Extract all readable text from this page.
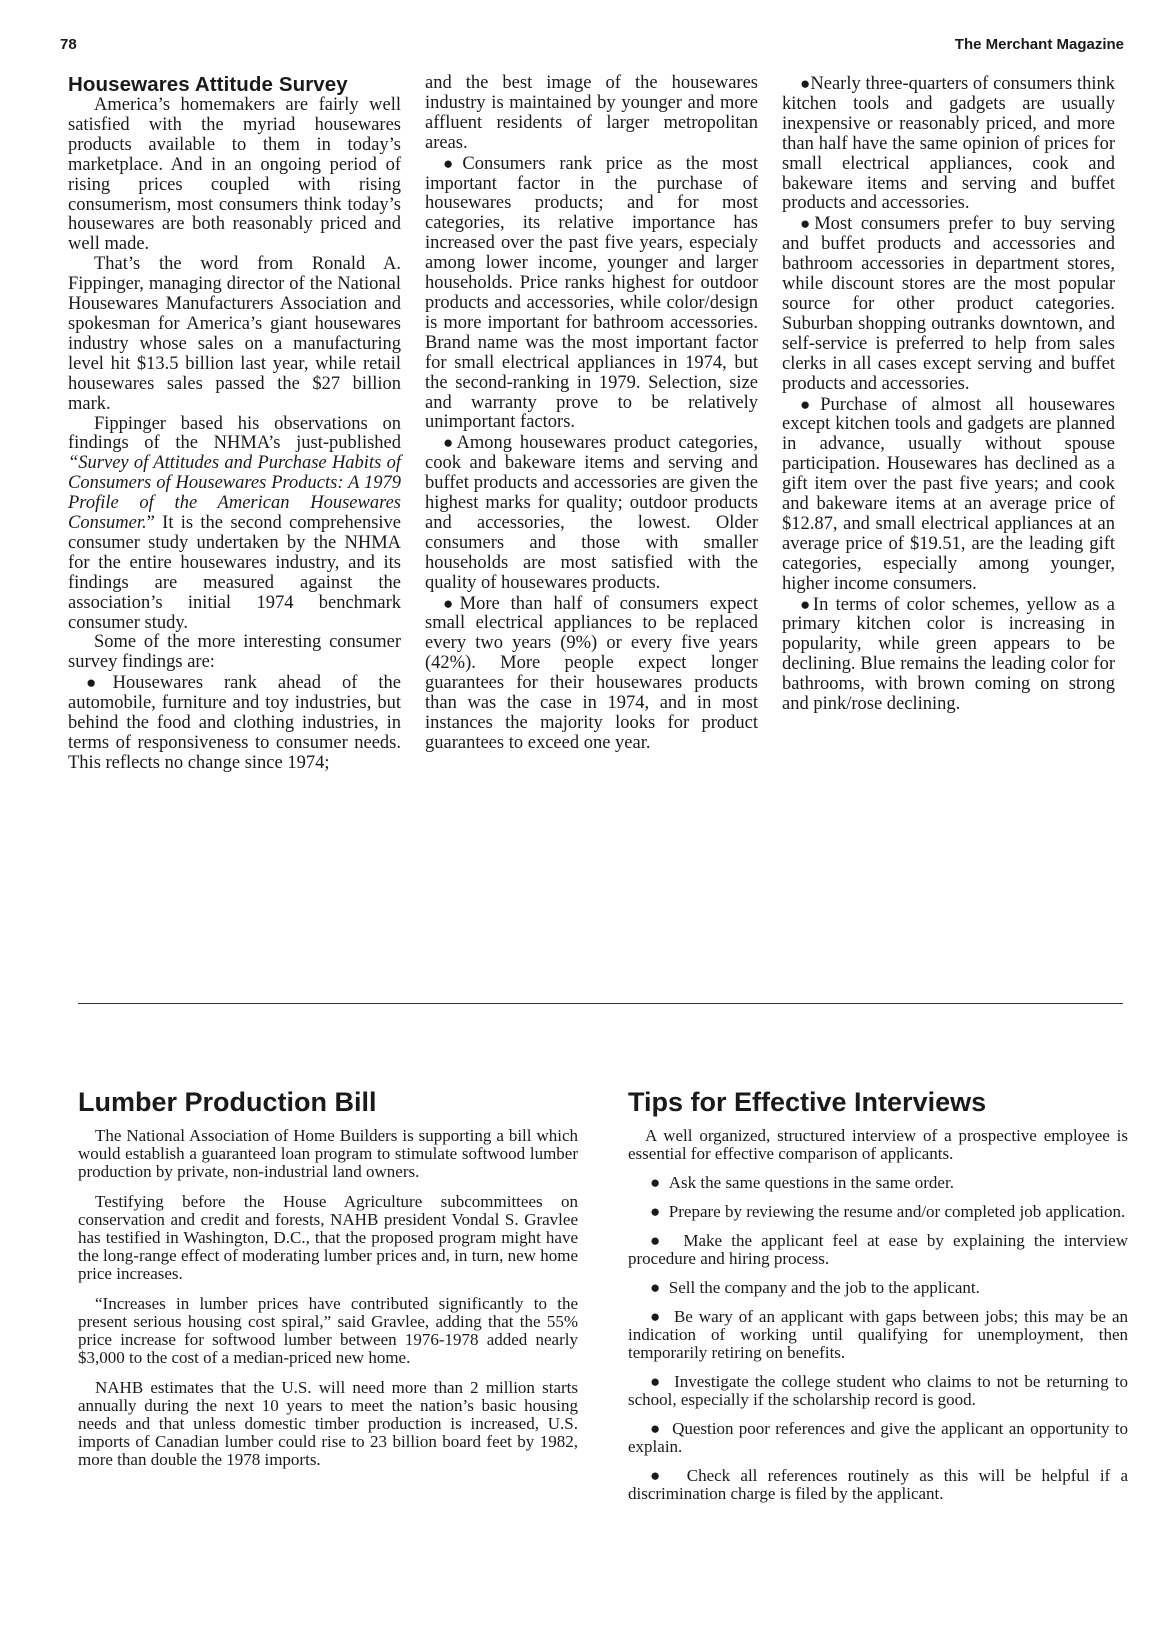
78	The Merchant Magazine
Housewares Attitude Survey

America’s homemakers are fairly well satisfied with the myriad housewares products available to them in today’s marketplace. And in an ongoing period of rising prices coupled with rising consumerism, most consumers think today’s housewares are both reasonably priced and well made.

That’s the word from Ronald A. Fippinger, managing director of the National Housewares Manufacturers Association and spokesman for America’s giant housewares industry whose sales on a manufacturing level hit $13.5 billion last year, while retail housewares sales passed the $27 billion mark.

Fippinger based his observations on findings of the NHMA’s just-published “Survey of Attitudes and Purchase Habits of Consumers of Housewares Products: A 1979 Profile of the American Housewares Consumer.” It is the second comprehensive consumer study undertaken by the NHMA for the entire housewares industry, and its findings are measured against the association’s initial 1974 benchmark consumer study.

Some of the more interesting consumer survey findings are:

●Housewares rank ahead of the automobile, furniture and toy industries, but behind the food and clothing industries, in terms of responsiveness to consumer needs. This reflects no change since 1974;

and the best image of the housewares industry is maintained by younger and more affluent residents of larger metropolitan areas.

●Consumers rank price as the most important factor in the purchase of housewares products; and for most categories, its relative importance has increased over the past five years, especialy among lower income, younger and larger households. Price ranks highest for outdoor products and accessories, while color/design is more important for bathroom accessories. Brand name was the most important factor for small electrical appliances in 1974, but the second-ranking in 1979. Selection, size and warranty prove to be relatively unimportant factors.

●Among housewares product categories, cook and bakeware items and serving and buffet products and accessories are given the highest marks for quality; outdoor products and accessories, the lowest. Older consumers and those with smaller households are most satisfied with the quality of housewares products.

●More than half of consumers expect small electrical appliances to be replaced every two years (9%) or every five years (42%). More people expect longer guarantees for their housewares products than was the case in 1974, and in most instances the majority looks for product guarantees to exceed one year.

●Nearly three-quarters of consumers think kitchen tools and gadgets are usually inexpensive or reasonably priced, and more than half have the same opinion of prices for small electrical appliances, cook and bakeware items and serving and buffet products and accessories.

●Most consumers prefer to buy serving and buffet products and accessories and bathroom accessories in department stores, while discount stores are the most popular source for other product categories. Suburban shopping outranks downtown, and self-service is preferred to help from sales clerks in all cases except serving and buffet products and accessories.

●Purchase of almost all housewares except kitchen tools and gadgets are planned in advance, usually without spouse participation. Housewares has declined as a gift item over the past five years; and cook and bakeware items at an average price of $12.87, and small electrical appliances at an average price of $19.51, are the leading gift categories, especially among younger, higher income consumers.

●In terms of color schemes, yellow as a primary kitchen color is increasing in popularity, while green appears to be declining. Blue remains the leading color for bathrooms, with brown coming on strong and pink/rose declining.

Lumber Production Bill

The National Association of Home Builders is supporting a bill which would establish a guaranteed loan program to stimulate softwood lumber production by private, non-industrial land owners.

Testifying before the House Agriculture subcommittees on conservation and credit and forests, NAHB president Vondal S. Gravlee has testified in Washington, D.C., that the proposed program might have the long-range effect of moderating lumber prices and, in turn, new home price increases.

“Increases in lumber prices have contributed significantly to the present serious housing cost spiral,” said Gravlee, adding that the 55% price increase for softwood lumber between 1976-1978 added nearly $3,000 to the cost of a median-priced new home.

NAHB estimates that the U.S. will need more than 2 million starts annually during the next 10 years to meet the nation’s basic housing needs and that unless domestic timber production is increased, U.S. imports of Canadian lumber could rise to 23 billion board feet by 1982, more than double the 1978 imports.

Tips for Effective Interviews

A well organized, structured interview of a prospective employee is essential for effective comparison of applicants.

● Ask the same questions in the same order.

● Prepare by reviewing the resume and/or completed job application.

● Make the applicant feel at ease by explaining the interview procedure and hiring process.

● Sell the company and the job to the applicant.

● Be wary of an applicant with gaps between jobs; this may be an indication of working until qualifying for unemployment, then temporarily retiring on benefits.

● Investigate the college student who claims to not be returning to school, especially if the scholarship record is good.

● Question poor references and give the applicant an opportunity to explain.

● Check all references routinely as this will be helpful if a discrimination charge is filed by the applicant.
